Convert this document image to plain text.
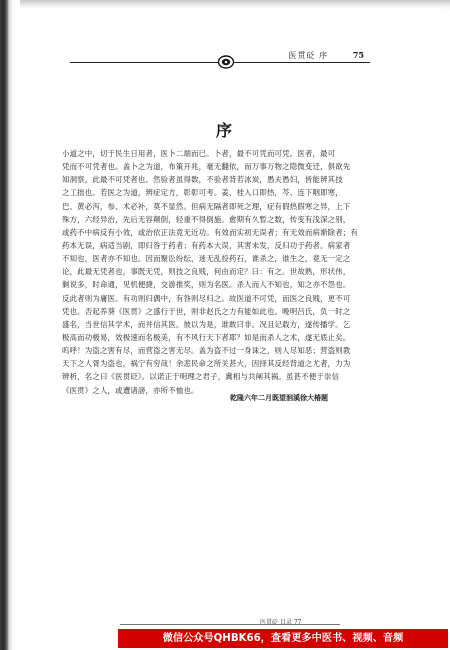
医贯砭 序	75
序
小道之中，切于民生日用者，医卜二端而已。卜者，最不可凭而可凭。医者，最可
凭而不可凭者也。盖卜之为道，布策开兆，毫无翻依，而万事万物之隐微变迁，俱欲先
知洞察，此最不可凭者也。然验者虽得数，不验者背若冰炭，愚夫愚妇，皆能辨其技
之工拙也。若医之为道，辨症定方，彰彰可考。姜、桂入口即热，芩、连下咽即寒，
巴、黄必泻，参、术必补，莫不显然。但病无隔者即死之理，症有假热假寒之异，上下
殊方，六经异治，先后无容颠倒，轻重不得倒施。愈期有久暂之数，传变有浅深之别，
或药不中病反有小效，或治依正法竟无近功。有效而实初无误者；有无效而病渐除者；有
药本无误，病适当剧，即归咎于药者；有药本大误，其害未发，反归功于药者。病家者
不知也，医者亦不知也。因而聚讼纷纭，迷无乱投药石，谁杀之，谁生之，竟无一定之
论，此最无凭者也，事既无凭，则技之良贱，何由而定？曰：有之。世故熟，形状伟，
剿说多，时命通，见机便捷，交游推奖，则为名医。杀人而人不知也，知之亦不怨也。
反此者则为庸医。有功则归偶中，有咎则尽归之。故医道不可凭，而医之良贱，更不可
凭也。否起养葵《医贯》之盛行于世，则非赵氏之力有能如此也。晚明吕氏，负一时之
盛名，当世信其学术，而并信其医。彼以为是，谁敢曰非。况且记载方，遂传播学。乞
极高而功极易，效极速而名极美，有不风行天下者耶？如是而杀人之术，遂无底止矣。
呜呼！为盗之害有尽，而营盗之害无尽。盖为盗不过一身诛之，则人尽知恶；营盗则教
天下之人胥为盗也，祸宁有穷哉！余悲民命之所关甚大，因择其反经背道之尤者，力为
辨析，名之曰《医贯砭》。以诺正于明理之君子，冀相与共阐其祸。虽甚不便于崇信
《医贯》之人，或遭诸謗，亦所不恤也。
乾隆六年二月既望洄溪徐大椿题
医贯砭 目录 77
微信公众号QHBK66，查看更多中医书、视频、音频
